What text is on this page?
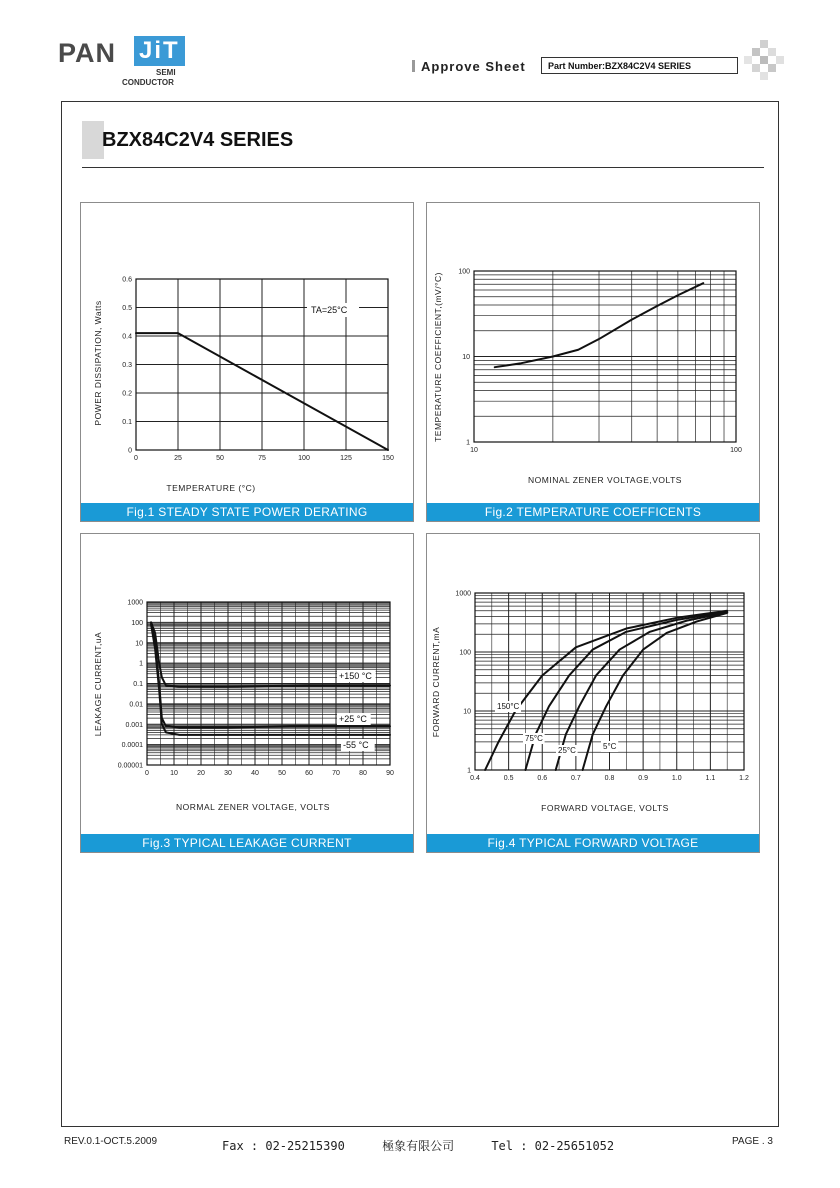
PAN JiT
SEMI
CONDUCTOR
Approve Sheet	Part Number:BZX84C2V4 SERIES
BZX84C2V4 SERIES
0	25	50	75	100	125	150
0
0.1
0.2
0.3
0.4
0.5
0.6
TEMPERATURE (°C)
POWER DISSIPATION, Watts	TA=25°C
Fig.1 STEADY STATE POWER DERATING
10	100
1
10
100
NOMINAL ZENER VOLTAGE,VOLTS
TEMPERATURE COEFFICIENT,(mV/°C)
Fig.2 TEMPERATURE COEFFICENTS
0	10	20	30	40	50	60	70	80	90
0.00001
0.0001
0.001
0.01
0.1
1
10
100
1000
NORMAL ZENER VOLTAGE, VOLTS
LEAKAGE CURRENT,uA	+150 °C
+25 °C
-55 °C
Fig.3 TYPICAL LEAKAGE CURRENT
0.4	0.5	0.6	0.7	0.8	0.9	1.0	1.1	1.2
1
10
100
1000
FORWARD VOLTAGE, VOLTS
FORWARD CURRENT,mA	150°C
75°C
25°C	5°C
Fig.4 TYPICAL FORWARD VOLTAGE
REV.0.1-OCT.5.2009	Fax : 02-25215390	極象有限公司	Tel : 02-25651052	PAGE . 3
